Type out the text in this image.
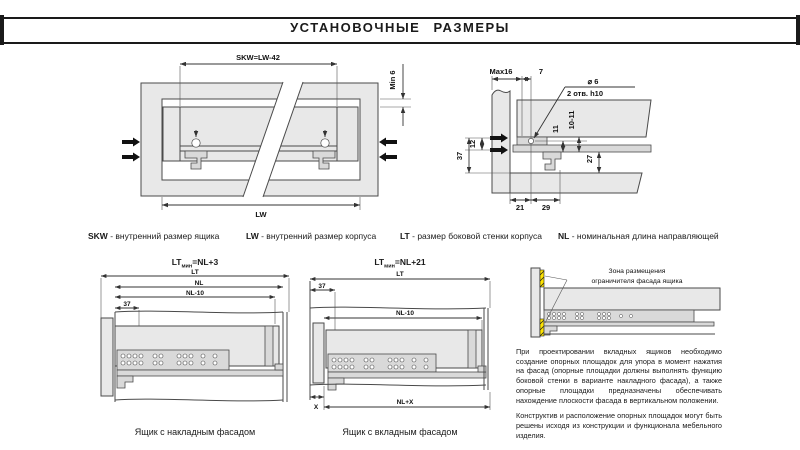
УСТАНОВОЧНЫЕ РАЗМЕРЫ
SKW=LW-42
Min 6
LW
Max16	7
⌀ 6
2 отв. h10
12
37
11 10-11
27
21 29
SKW - внутренний размер ящика	LW - внутренний размер корпуса	LT - размер боковой стенки корпуса NL - номинальная длина направляющей
$LT_{мин}=NL+3$
LT
NL
NL-10
37
Ящик с накладным фасадом
$LT_{мин}=NL+21$
LT
37
NL-10
X
NL+X
Ящик с вкладным фасадом
Зона размещения
ограничителя фасада ящика

При проектировании вкладных ящиков необходимо создание опорных площадок для упора в момент нажатия на фасад (опорные площадки должны выполнять функцию боковой стенки в варианте накладного фасада), а также опорные площадки предназначены обеспечивать нахождение плоскости фасада в вертикальном положении.

Конструктив и расположение опорных площадок могут быть решены исходя из конструкции и функционала мебельного изделия.
